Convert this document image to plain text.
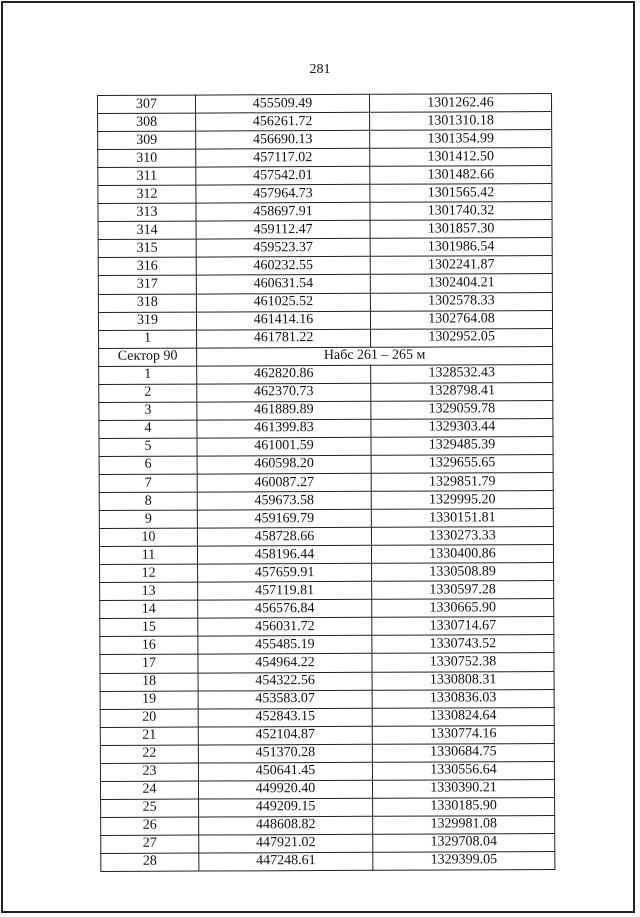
281
307	455509.49	1301262.46
308	456261.72	1301310.18
309	456690.13	1301354.99
310	457117.02	1301412.50
311	457542.01	1301482.66
312	457964.73	1301565.42
313	458697.91	1301740.32
314	459112.47	1301857.30
315	459523.37	1301986.54
316	460232.55	1302241.87
317	460631.54	1302404.21
318	461025.52	1302578.33
319	461414.16	1302764.08
1	461781.22	1302952.05
Сектор 90	Набс 261 – 265 м	
1	462820.86	1328532.43
2	462370.73	1328798.41
3	461889.89	1329059.78
4	461399.83	1329303.44
5	461001.59	1329485.39
6	460598.20	1329655.65
7	460087.27	1329851.79
8	459673.58	1329995.20
9	459169.79	1330151.81
10	458728.66	1330273.33
11	458196.44	1330400.86
12	457659.91	1330508.89
13	457119.81	1330597.28
14	456576.84	1330665.90
15	456031.72	1330714.67
16	455485.19	1330743.52
17	454964.22	1330752.38
18	454322.56	1330808.31
19	453583.07	1330836.03
20	452843.15	1330824.64
21	452104.87	1330774.16
22	451370.28	1330684.75
23	450641.45	1330556.64
24	449920.40	1330390.21
25	449209.15	1330185.90
26	448608.82	1329981.08
27	447921.02	1329708.04
28	447248.61	1329399.05
